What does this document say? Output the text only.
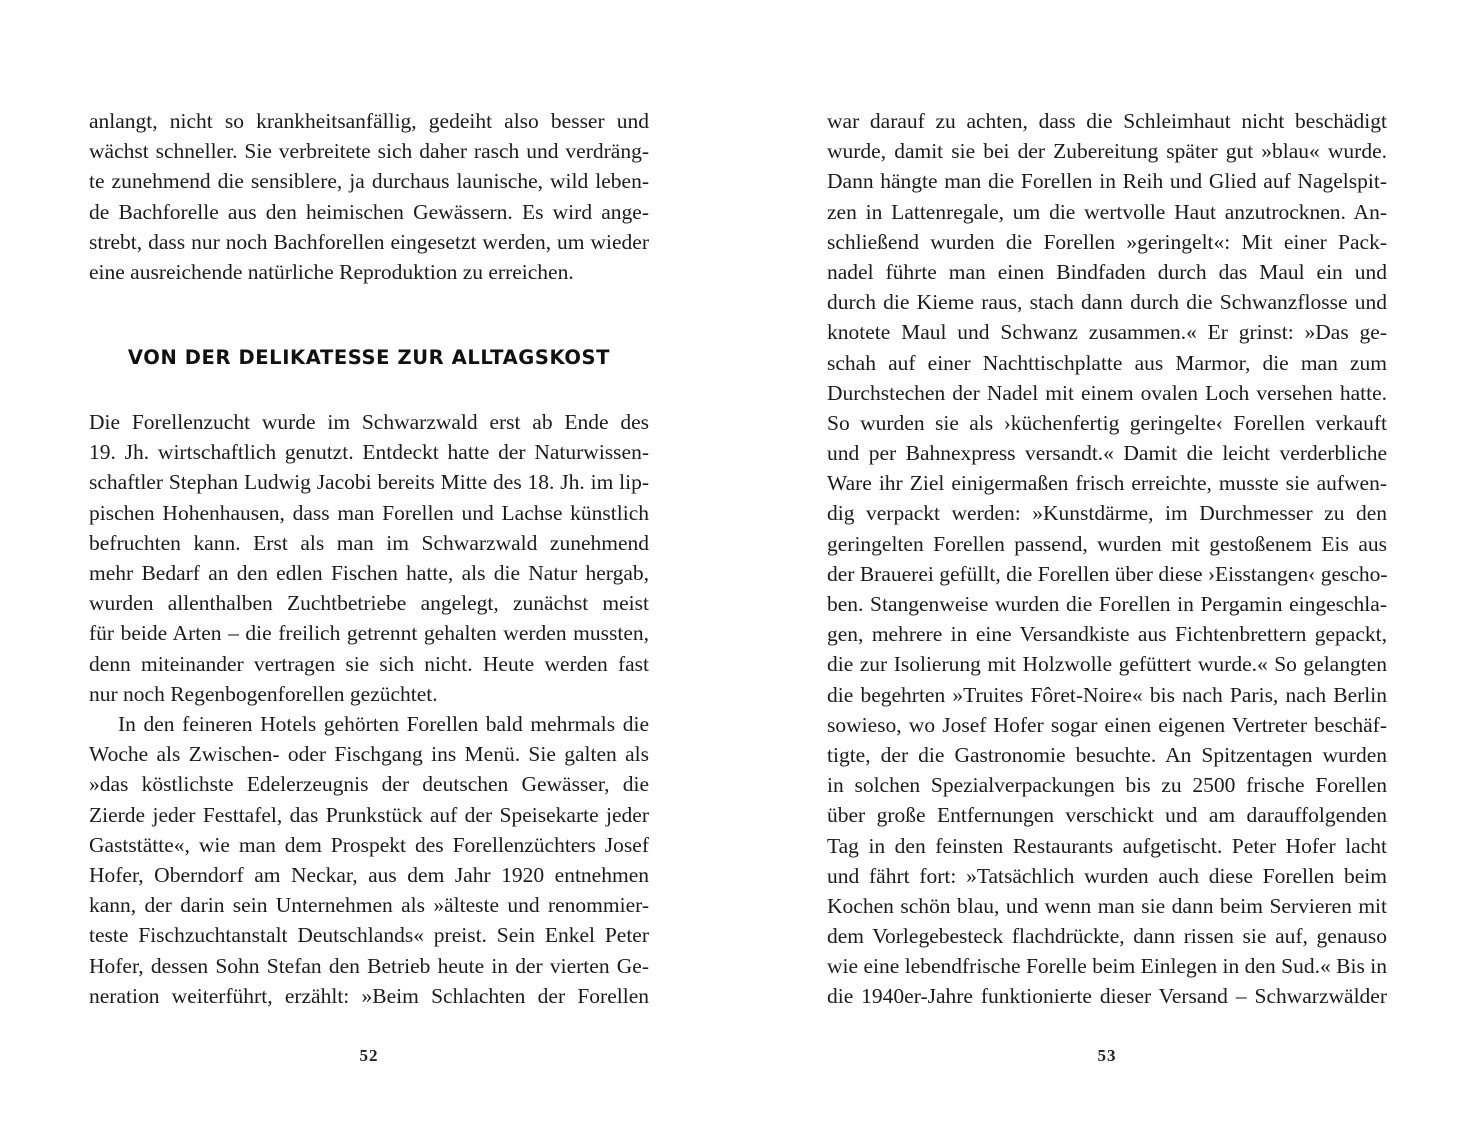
anlangt, nicht so krankheitsanfällig, gedeiht also besser und
wächst schneller. Sie verbreitete sich daher rasch und verdräng-
te zunehmend die sensiblere, ja durchaus launische, wild leben-
de Bachforelle aus den heimischen Gewässern. Es wird ange-
strebt, dass nur noch Bachforellen eingesetzt werden, um wieder
eine ausreichende natürliche Reproduktion zu erreichen.
VON DER DELIKATESSE ZUR ALLTAGSKOST
Die Forellenzucht wurde im Schwarzwald erst ab Ende des
19. Jh. wirtschaftlich genutzt. Entdeckt hatte der Naturwissen-
schaftler Stephan Ludwig Jacobi bereits Mitte des 18. Jh. im lip-
pischen Hohenhausen, dass man Forellen und Lachse künstlich
befruchten kann. Erst als man im Schwarzwald zunehmend
mehr Bedarf an den edlen Fischen hatte, als die Natur hergab,
wurden allenthalben Zuchtbetriebe angelegt, zunächst meist
für beide Arten – die freilich getrennt gehalten werden mussten,
denn miteinander vertragen sie sich nicht. Heute werden fast
nur noch Regenbogenforellen gezüchtet.
In den feineren Hotels gehörten Forellen bald mehrmals die
Woche als Zwischen- oder Fischgang ins Menü. Sie galten als
»das köstlichste Edelerzeugnis der deutschen Gewässer, die
Zierde jeder Festtafel, das Prunkstück auf der Speisekarte jeder
Gaststätte«, wie man dem Prospekt des Forellenzüchters Josef
Hofer, Oberndorf am Neckar, aus dem Jahr 1920 entnehmen
kann, der darin sein Unternehmen als »älteste und renommier-
teste Fischzuchtanstalt Deutschlands« preist. Sein Enkel Peter
Hofer, dessen Sohn Stefan den Betrieb heute in der vierten Ge-
neration weiterführt, erzählt: »Beim Schlachten der Forellen
52
war darauf zu achten, dass die Schleimhaut nicht beschädigt
wurde, damit sie bei der Zubereitung später gut »blau« wurde.
Dann hängte man die Forellen in Reih und Glied auf Nagelspit-
zen in Lattenregale, um die wertvolle Haut anzutrocknen. An-
schließend wurden die Forellen »geringelt«: Mit einer Pack-
nadel führte man einen Bindfaden durch das Maul ein und
durch die Kieme raus, stach dann durch die Schwanzflosse und
knotete Maul und Schwanz zusammen.« Er grinst: »Das ge-
schah auf einer Nachttischplatte aus Marmor, die man zum
Durchstechen der Nadel mit einem ovalen Loch versehen hatte.
So wurden sie als ›küchenfertig geringelte‹ Forellen verkauft
und per Bahnexpress versandt.« Damit die leicht verderbliche
Ware ihr Ziel einigermaßen frisch erreichte, musste sie aufwen-
dig verpackt werden: »Kunstdärme, im Durchmesser zu den
geringelten Forellen passend, wurden mit gestoßenem Eis aus
der Brauerei gefüllt, die Forellen über diese ›Eisstangen‹ gescho-
ben. Stangenweise wurden die Forellen in Pergamin eingeschla-
gen, mehrere in eine Versandkiste aus Fichtenbrettern gepackt,
die zur Isolierung mit Holzwolle gefüttert wurde.« So gelangten
die begehrten »Truites Fôret-Noire« bis nach Paris, nach Berlin
sowieso, wo Josef Hofer sogar einen eigenen Vertreter beschäf-
tigte, der die Gastronomie besuchte. An Spitzentagen wurden
in solchen Spezialverpackungen bis zu 2500 frische Forellen
über große Entfernungen verschickt und am darauffolgenden
Tag in den feinsten Restaurants aufgetischt. Peter Hofer lacht
und fährt fort: »Tatsächlich wurden auch diese Forellen beim
Kochen schön blau, und wenn man sie dann beim Servieren mit
dem Vorlegebesteck flachdrückte, dann rissen sie auf, genauso
wie eine lebendfrische Forelle beim Einlegen in den Sud.« Bis in
die 1940er-Jahre funktionierte dieser Versand – Schwarzwälder
53
